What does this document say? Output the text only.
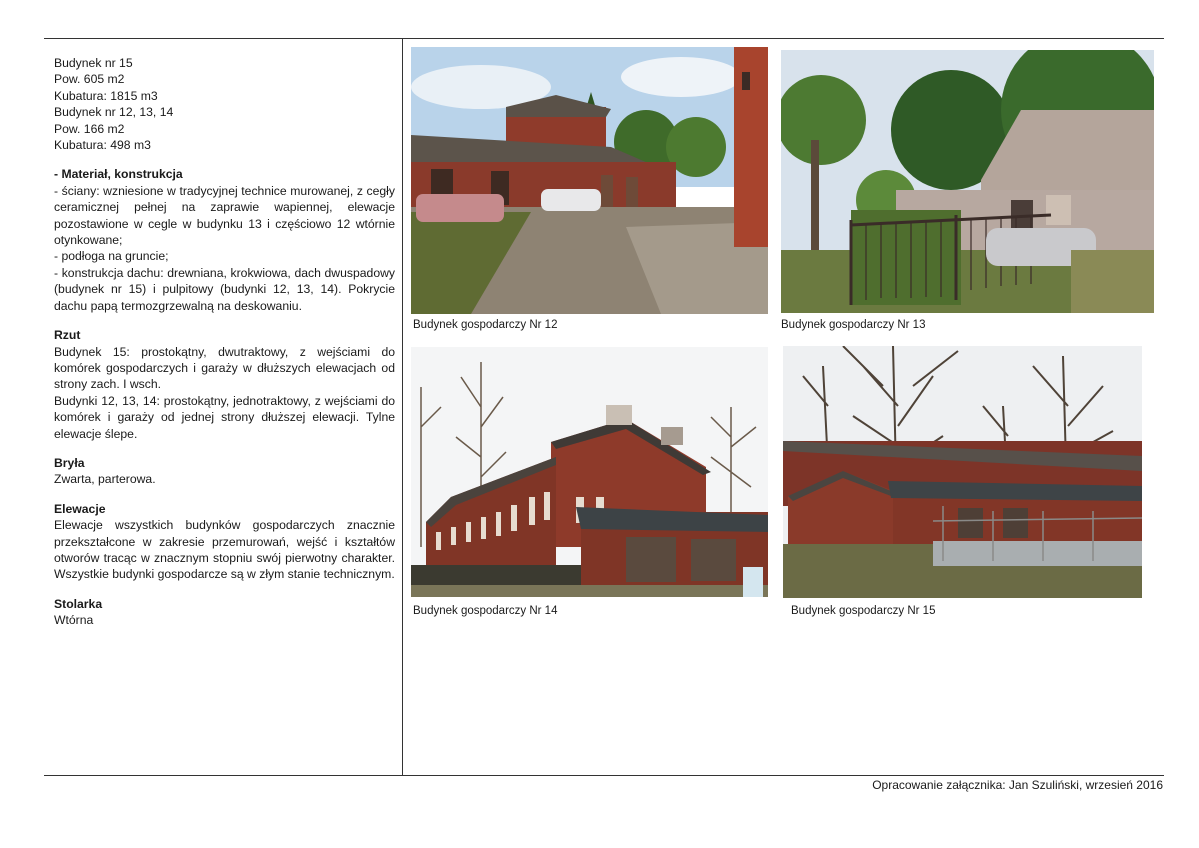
Budynek nr 15
Pow. 605 m2
Kubatura: 1815 m3
Budynek nr 12, 13, 14
Pow. 166 m2
Kubatura: 498 m3
- Materiał, konstrukcja
- ściany: wzniesione w tradycyjnej technice murowanej, z cegły ceramicznej pełnej na zaprawie wapiennej, elewacje pozostawione w cegle w budynku 13 i częściowo 12 wtórnie otynkowane;
- podłoga na gruncie;
- konstrukcja dachu: drewniana, krokwiowa, dach dwuspadowy (budynek nr 15) i pulpitowy (budynki 12, 13, 14). Pokrycie dachu papą termozgrzewalną na deskowaniu.
Rzut
Budynek 15: prostokątny, dwutraktowy, z wejściami do komórek gospodarczych i garaży w dłuższych elewacjach od strony zach. I wsch.
Budynki 12, 13, 14: prostokątny, jednotraktowy, z wejściami do komórek i garaży od jednej strony dłuższej elewacji. Tylne elewacje ślepe.
Bryła
Zwarta, parterowa.
Elewacje
Elewacje wszystkich budynków gospodarczych znacznie przekształcone w zakresie przemurowań, wejść i kształtów otworów tracąc w znacznym stopniu swój pierwotny charakter. Wszystkie budynki gospodarcze są w złym stanie technicznym.
Stolarka
Wtórna
Budynek gospodarczy Nr 12	Budynek gospodarczy Nr 13
Budynek gospodarczy Nr 14	Budynek gospodarczy Nr 15
Opracowanie załącznika: Jan Szuliński, wrzesień 2016
